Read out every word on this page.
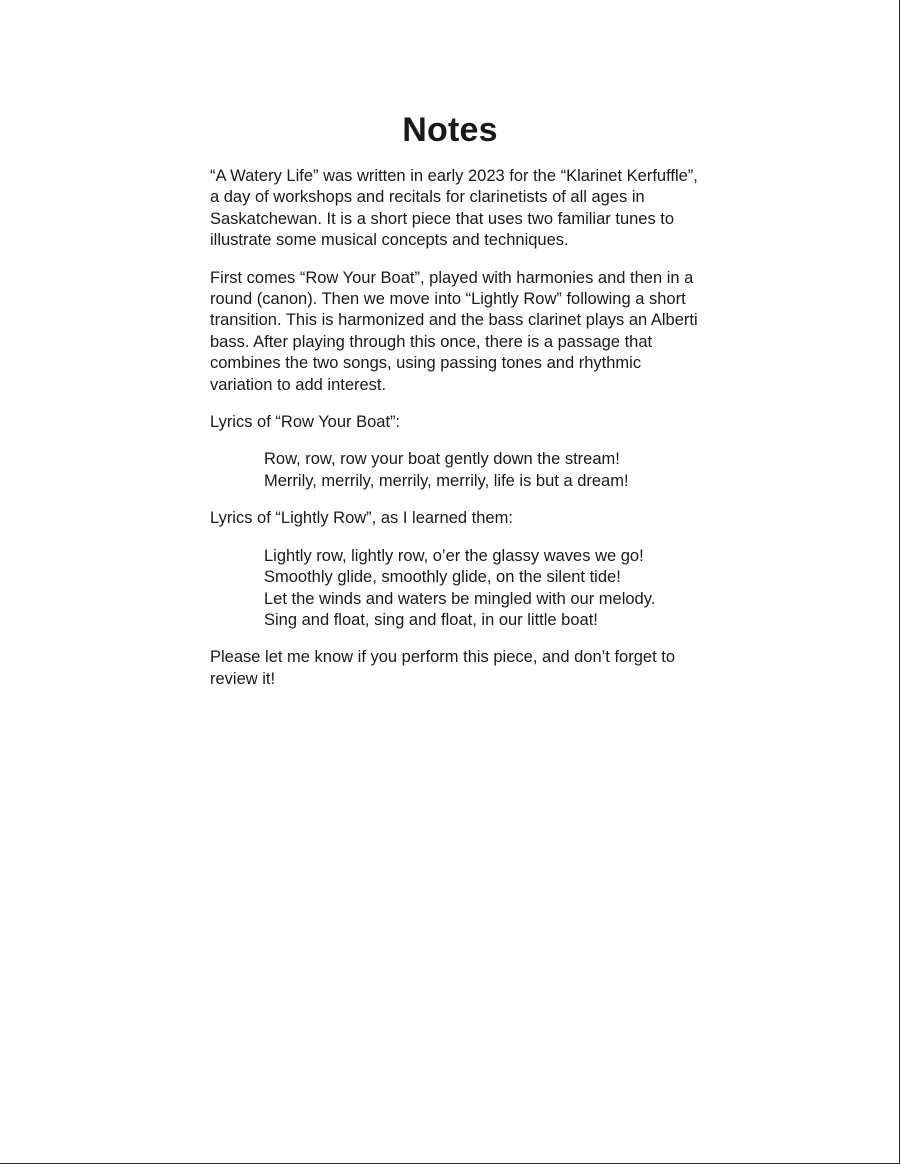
Notes

“A Watery Life” was written in early 2023 for the “Klarinet Kerfuffle”, a day of workshops and recitals for clarinetists of all ages in Saskatchewan. It is a short piece that uses two familiar tunes to illustrate some musical concepts and techniques.

First comes “Row Your Boat”, played with harmonies and then in a round (canon). Then we move into “Lightly Row” following a short transition. This is harmonized and the bass clarinet plays an Alberti bass. After playing through this once, there is a passage that combines the two songs, using passing tones and rhythmic variation to add interest.

Lyrics of “Row Your Boat”:

Row, row, row your boat gently down the stream!
Merrily, merrily, merrily, merrily, life is but a dream!

Lyrics of “Lightly Row”, as I learned them:

Lightly row, lightly row, o’er the glassy waves we go!
Smoothly glide, smoothly glide, on the silent tide!
Let the winds and waters be mingled with our melody.
Sing and float, sing and float, in our little boat!

Please let me know if you perform this piece, and don’t forget to review it!
